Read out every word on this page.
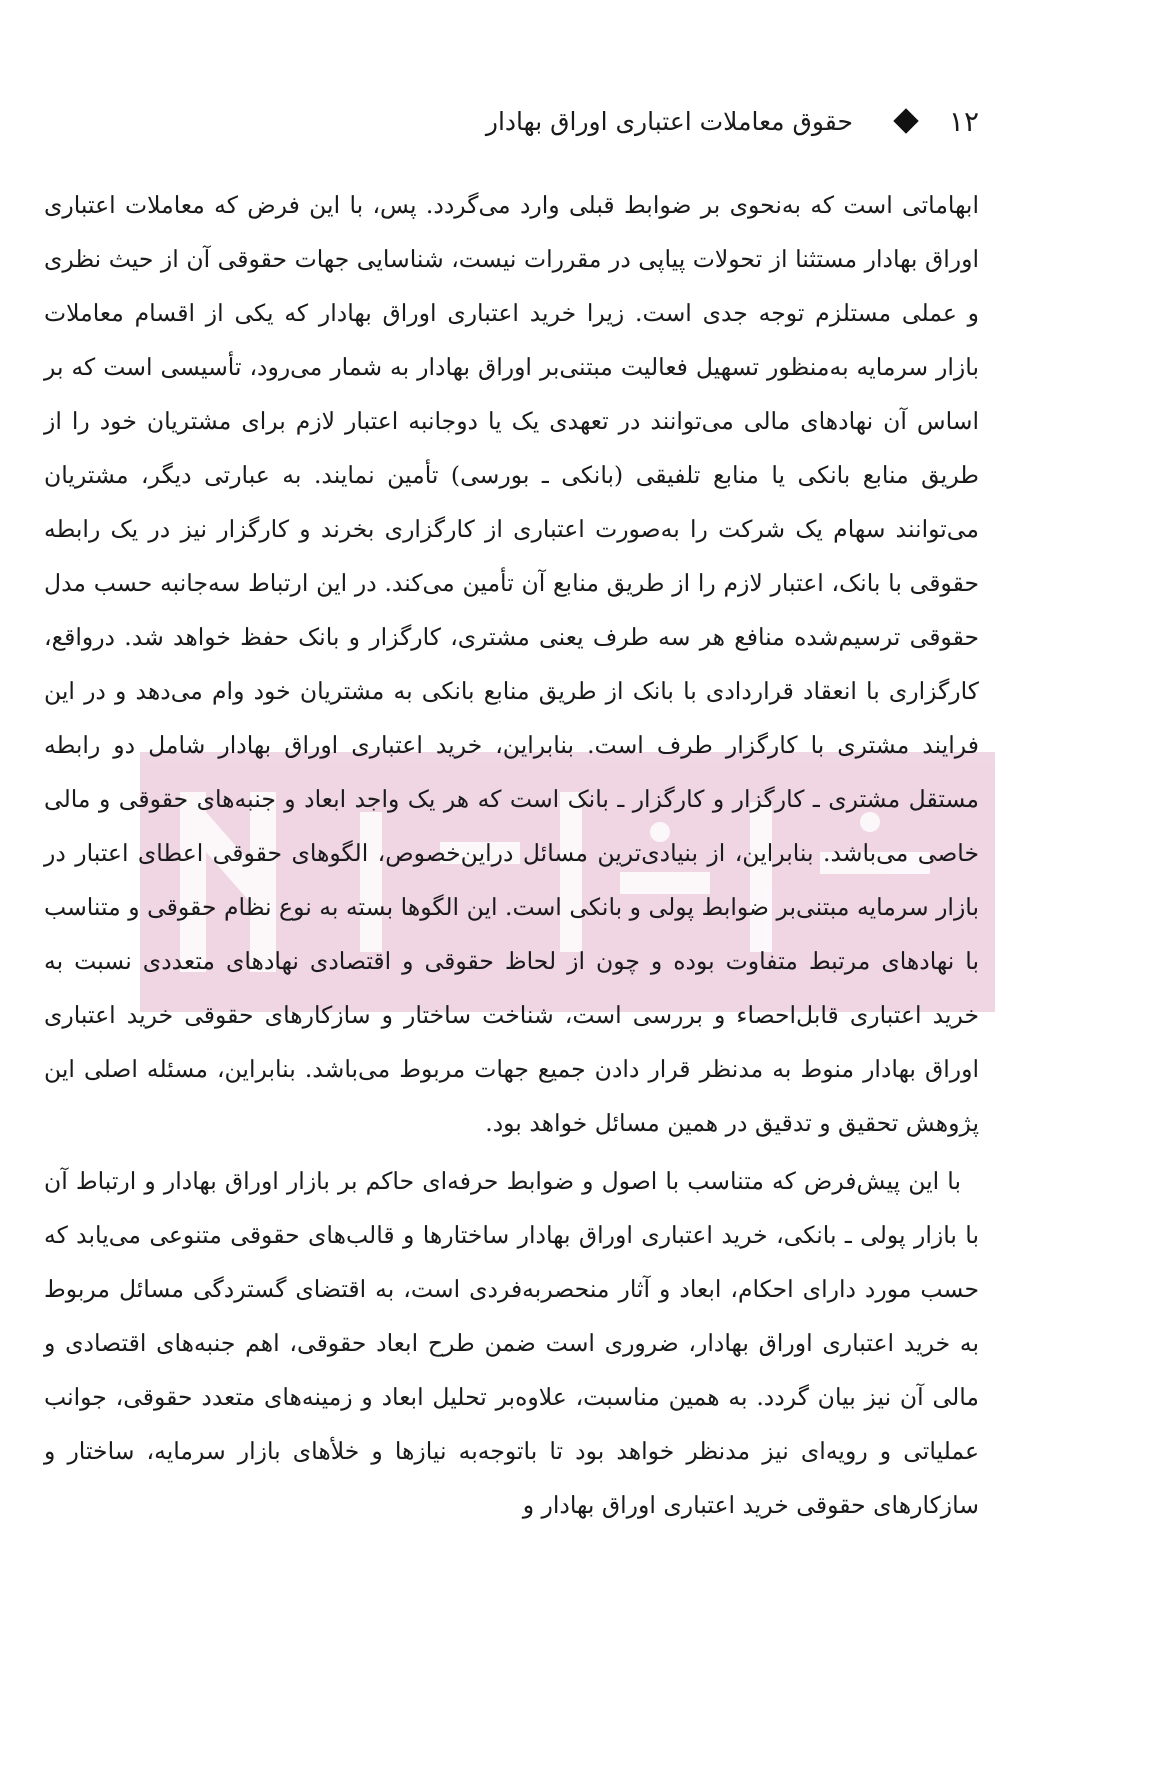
۱۲
حقوق معاملات اعتباری اوراق بهادار

ابهاماتی است که به‌نحوی بر ضوابط قبلی وارد می‌گردد. پس، با این فرض که معاملات اعتباری اوراق بهادار مستثنا از تحولات پیاپی در مقررات نیست، شناسایی جهات حقوقی آن از حیث نظری و عملی مستلزم توجه جدی است. زیرا خرید اعتباری اوراق بهادار که یکی از اقسام معاملات بازار سرمایه به‌منظور تسهیل فعالیت مبتنی‌بر اوراق بهادار به شمار می‌رود، تأسیسی است که بر اساس آن نهادهای مالی می‌توانند در تعهدی یک یا دوجانبه اعتبار لازم برای مشتریان خود را از طریق منابع بانکی یا منابع تلفیقی (بانکی ـ بورسی) تأمین نمایند. به عبارتی دیگر، مشتریان می‌توانند سهام یک شرکت را به‌صورت اعتباری از کارگزاری بخرند و کارگزار نیز در یک رابطه حقوقی با بانک، اعتبار لازم را از طریق منابع آن تأمین می‌کند. در این ارتباط سه‌جانبه حسب مدل حقوقی ترسیم‌شده منافع هر سه طرف یعنی مشتری، کارگزار و بانک حفظ خواهد شد. درواقع، کارگزاری با انعقاد قراردادی با بانک از طریق منابع بانکی به مشتریان خود وام می‌دهد و در این فرایند مشتری با کارگزار طرف است. بنابراین، خرید اعتباری اوراق بهادار شامل دو رابطه مستقل مشتری ـ کارگزار و کارگزار ـ بانک است که هر یک واجد ابعاد و جنبه‌های حقوقی و مالی خاصی می‌باشد. بنابراین، از بنیادی‌ترین مسائل دراین‌خصوص، الگوهای حقوقی اعطای اعتبار در بازار سرمایه مبتنی‌بر ضوابط پولی و بانکی است. این الگوها بسته به نوع نظام حقوقی و متناسب با نهادهای مرتبط متفاوت بوده و چون از لحاظ حقوقی و اقتصادی نهادهای متعددی نسبت به خرید اعتباری قابل‌احصاء و بررسی است، شناخت ساختار و سازکارهای حقوقی خرید اعتباری اوراق بهادار منوط به مدنظر قرار دادن جمیع جهات مربوط می‌باشد. بنابراین، مسئله اصلی این پژوهش تحقیق و تدقیق در همین مسائل خواهد بود.

با این پیش‌فرض که متناسب با اصول و ضوابط حرفه‌ای حاکم بر بازار اوراق بهادار و ارتباط آن با بازار پولی ـ بانکی، خرید اعتباری اوراق بهادار ساختارها و قالب‌های حقوقی متنوعی می‌یابد که حسب مورد دارای احکام، ابعاد و آثار منحصربه‌فردی است، به اقتضای گستردگی مسائل مربوط به خرید اعتباری اوراق بهادار، ضروری است ضمن طرح ابعاد حقوقی، اهم جنبه‌های اقتصادی و مالی آن نیز بیان گردد. به همین مناسبت، علاوه‌بر تحلیل ابعاد و زمینه‌های متعدد حقوقی، جوانب عملیاتی و رویه‌ای نیز مدنظر خواهد بود تا باتوجه‌به نیازها و خلأهای بازار سرمایه، ساختار و سازکارهای حقوقی خرید اعتباری اوراق بهادار و
